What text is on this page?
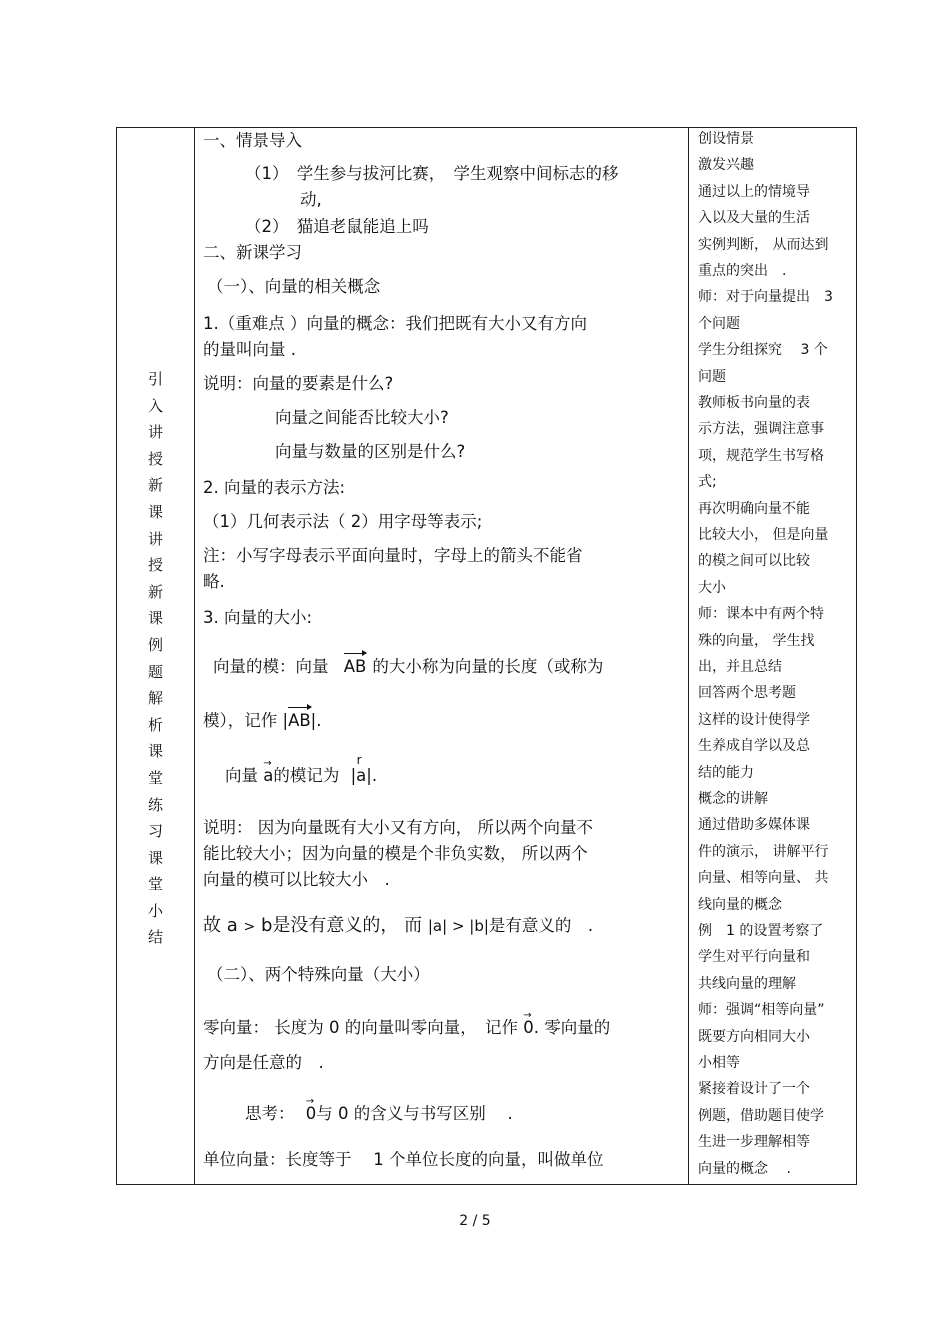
引
入
讲
授
新
课
讲
授
新
课
例
题
解
析
课
堂
练
习
课
堂
小
结
一、情景导入
（1）　学生参与拔河比赛，　学生观察中间标志的移
动,
（2）　猫追老鼠能追上吗
二、新课学习
（一）、向量的相关概念
1.（重难点 ）向量的概念：我们把既有大小又有方向
的量叫向量 .
说明：向量的要素是什么?
向量之间能否比较大小?
向量与数量的区别是什么?
2. 向量的表示方法:
（1）几何表示法（ 2）用字母等表示;
注：小写字母表示平面向量时，字母上的箭头不能省
略.
3. 向量的大小:
向量的模：向量 AB 的大小称为向量的长度（或称为
模），记作 |AB|.
向量 a →的模记为
r
|a|.
说明： 因为向量既有大小又有方向， 所以两个向量不
能比较大小；因为向量的模是个非负实数， 所以两个
向量的模可以比较大小　.
故 a > b是没有意义的， 而 |a| > |b|是有意义的　.
（二）、两个特殊向量（大小）
零向量： 长度为 0 的向量叫零向量，　记作 0 →. 零向量的
方向是任意的　.
思考： 0 →与 0 的含义与书写区别 　.
单位向量：长度等于 　1 个单位长度的向量，叫做单位
创设情景
激发兴趣
通过以上的情境导
入以及大量的生活
实例判断， 从而达到
重点的突出　.
师：对于向量提出　3
个问题
学生分组探究　 3 个
问题
教师板书向量的表
示方法，强调注意事
项，规范学生书写格
式;
再次明确向量不能
比较大小， 但是向量
的模之间可以比较
大小
师：课本中有两个特
殊的向量， 学生找
出，并且总结
回答两个思考题
这样的设计使得学
生养成自学以及总
结的能力
概念的讲解
通过借助多媒体课
件的演示， 讲解平行
向量、相等向量、 共
线向量的概念
例　1 的设置考察了
学生对平行向量和
共线向量的理解
师：强调“相等向量”
既要方向相同大小
小相等
紧接着设计了一个
例题，借助题目使学
生进一步理解相等
向量的概念 　.
2 / 5
